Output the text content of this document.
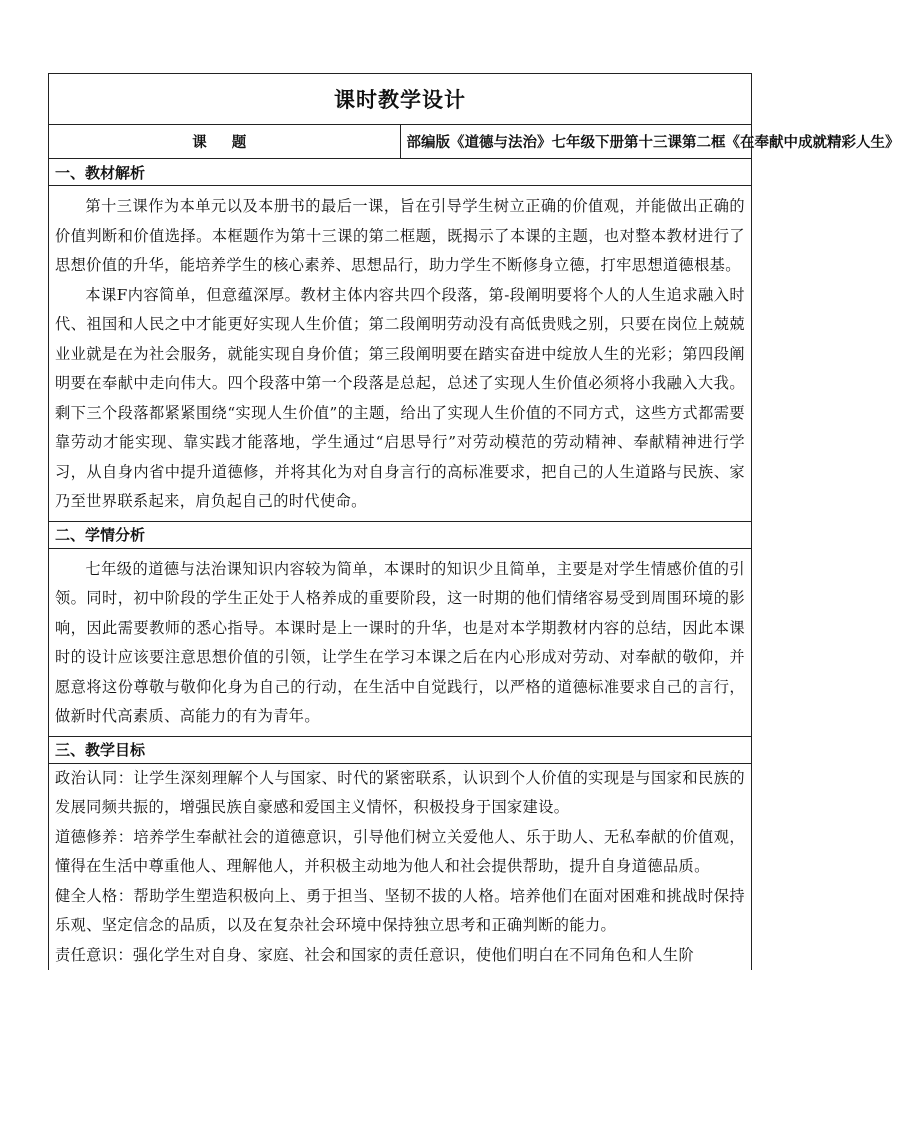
课时教学设计
课 题	部编版《道德与法治》七年级下册第十三课第二框《在奉献中成就精彩人生》
一、教材解析

第十三课作为本单元以及本册书的最后一课，旨在引导学生树立正确的价值观，并能做出正确的价值判断和价值选择。本框题作为第十三课的第二框题，既揭示了本课的主题，也对整本教材进行了思想价值的升华，能培养学生的核心素养、思想品行，助力学生不断修身立德，打牢思想道德根基。

本课F内容简单，但意蕴深厚。教材主体内容共四个段落，第-段阐明要将个人的人生追求融入时代、祖国和人民之中才能更好实现人生价值；第二段阐明劳动没有高低贵贱之别，只要在岗位上兢兢业业就是在为社会服务，就能实现自身价值；第三段阐明要在踏实奋进中绽放人生的光彩；第四段阐明要在奉献中走向伟大。四个段落中第一个段落是总起，总述了实现人生价值必须将小我融入大我。剩下三个段落都紧紧围绕“实现人生价值”的主题，给出了实现人生价值的不同方式，这些方式都需要靠劳动才能实现、靠实践才能落地，学生通过“启思导行”对劳动模范的劳动精神、奉献精神进行学习，从自身内省中提升道德修，并将其化为对自身言行的高标准要求，把自己的人生道路与民族、家乃至世界联系起来，肩负起自己的时代使命。

二、学情分析

七年级的道德与法治课知识内容较为简单，本课时的知识少且简单，主要是对学生情感价值的引领。同时，初中阶段的学生正处于人格养成的重要阶段，这一时期的他们情绪容易受到周围环境的影响，因此需要教师的悉心指导。本课时是上一课时的升华，也是对本学期教材内容的总结，因此本课时的设计应该要注意思想价值的引领，让学生在学习本课之后在内心形成对劳动、对奉献的敬仰，并愿意将这份尊敬与敬仰化身为自己的行动，在生活中自觉践行，以严格的道德标准要求自己的言行，做新时代高素质、高能力的有为青年。

三、教学目标

政治认同：让学生深刻理解个人与国家、时代的紧密联系，认识到个人价值的实现是与国家和民族的发展同频共振的，增强民族自豪感和爱国主义情怀，积极投身于国家建设。

道德修养：培养学生奉献社会的道德意识，引导他们树立关爱他人、乐于助人、无私奉献的价值观，懂得在生活中尊重他人、理解他人，并积极主动地为他人和社会提供帮助，提升自身道德品质。

健全人格：帮助学生塑造积极向上、勇于担当、坚韧不拔的人格。培养他们在面对困难和挑战时保持乐观、坚定信念的品质，以及在复杂社会环境中保持独立思考和正确判断的能力。

责任意识：强化学生对自身、家庭、社会和国家的责任意识，使他们明白在不同角色和人生阶
